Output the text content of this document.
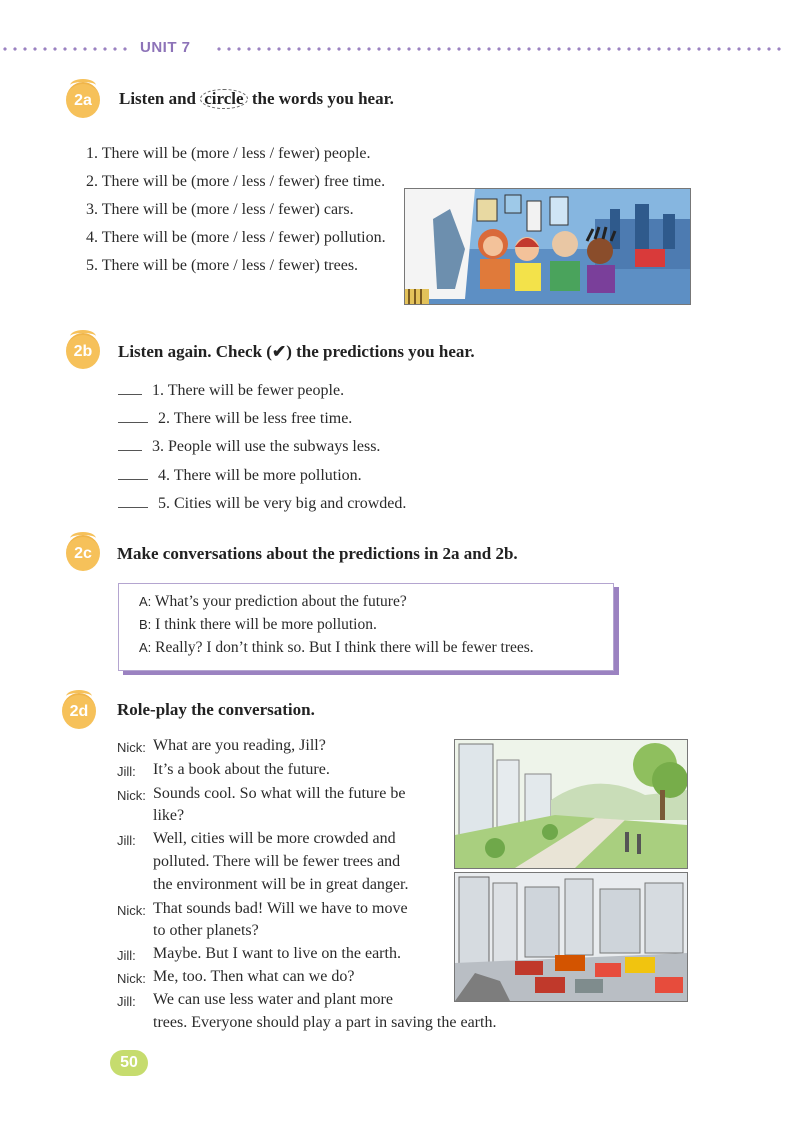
UNIT 7
2a	Listen and circle the words you hear.
1. There will be (more / less / fewer) people.
2. There will be (more / less / fewer) free time.
3. There will be (more / less / fewer) cars.
4. There will be (more / less / fewer) pollution.
5. There will be (more / less / fewer) trees.
2b	Listen again. Check (✔) the predictions you hear.
1. There will be fewer people.
2. There will be less free time.
3. People will use the subways less.
4. There will be more pollution.
5. Cities will be very big and crowded.
2c	Make conversations about the predictions in 2a and 2b.
A: What’s your prediction about the future?
B: I think there will be more pollution.
A: Really? I don’t think so. But I think there will be fewer trees.
2d	Role-play the conversation.
Nick: What are you reading, Jill?
Jill: It’s a book about the future.
Nick: Sounds cool. So what will the future be
like?
Jill: Well, cities will be more crowded and
polluted. There will be fewer trees and
the environment will be in great danger.
Nick: That sounds bad! Will we have to move
to other planets?
Jill: Maybe. But I want to live on the earth.
Nick: Me, too. Then what can we do?
Jill: We can use less water and plant more
trees. Everyone should play a part in saving the earth.
50
